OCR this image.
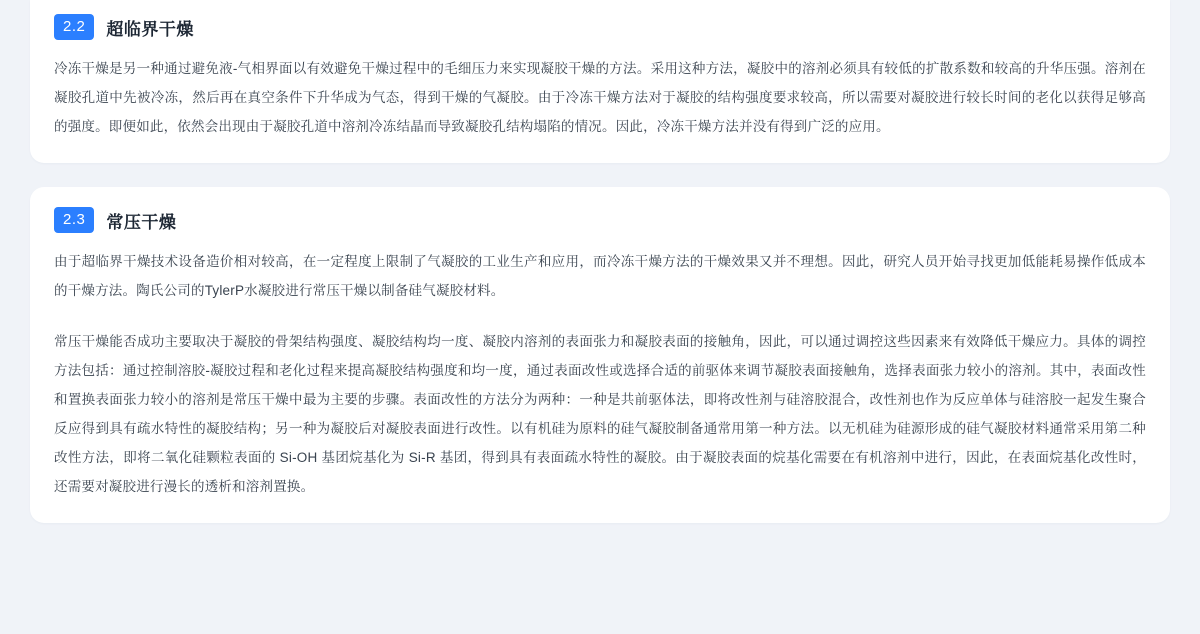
2.2	超临界干燥

冷冻干燥是另一种通过避免液-气相界面以有效避免干燥过程中的毛细压力来实现凝胶干燥的方法。采用这种方法，凝胶中的溶剂必须具有较低的扩散系数和较高的升华压强。溶剂在凝胶孔道中先被冷冻，然后再在真空条件下升华成为气态，得到干燥的气凝胶。由于冷冻干燥方法对于凝胶的结构强度要求较高，所以需要对凝胶进行较长时间的老化以获得足够高的强度。即便如此，依然会出现由于凝胶孔道中溶剂冷冻结晶而导致凝胶孔结构塌陷的情况。因此，冷冻干燥方法并没有得到广泛的应用。

2.3	常压干燥

由于超临界干燥技术设备造价相对较高，在一定程度上限制了气凝胶的工业生产和应用，而冷冻干燥方法的干燥效果又并不理想。因此，研究人员开始寻找更加低能耗易操作低成本的干燥方法。陶氏公司的TylerP水凝胶进行常压干燥以制备硅气凝胶材料。

常压干燥能否成功主要取决于凝胶的骨架结构强度、凝胶结构均一度、凝胶内溶剂的表面张力和凝胶表面的接触角，因此，可以通过调控这些因素来有效降低干燥应力。具体的调控方法包括：通过控制溶胶-凝胶过程和老化过程来提高凝胶结构强度和均一度，通过表面改性或选择合适的前驱体来调节凝胶表面接触角，选择表面张力较小的溶剂。其中，表面改性和置换表面张力较小的溶剂是常压干燥中最为主要的步骤。表面改性的方法分为两种：一种是共前驱体法，即将改性剂与硅溶胶混合，改性剂也作为反应单体与硅溶胶一起发生聚合反应得到具有疏水特性的凝胶结构；另一种为凝胶后对凝胶表面进行改性。以有机硅为原料的硅气凝胶制备通常用第一种方法。以无机硅为硅源形成的硅气凝胶材料通常采用第二种改性方法，即将二氧化硅颗粒表面的 Si-OH 基团烷基化为 Si-R 基团，得到具有表面疏水特性的凝胶。由于凝胶表面的烷基化需要在有机溶剂中进行，因此，在表面烷基化改性时，还需要对凝胶进行漫长的透析和溶剂置换。
